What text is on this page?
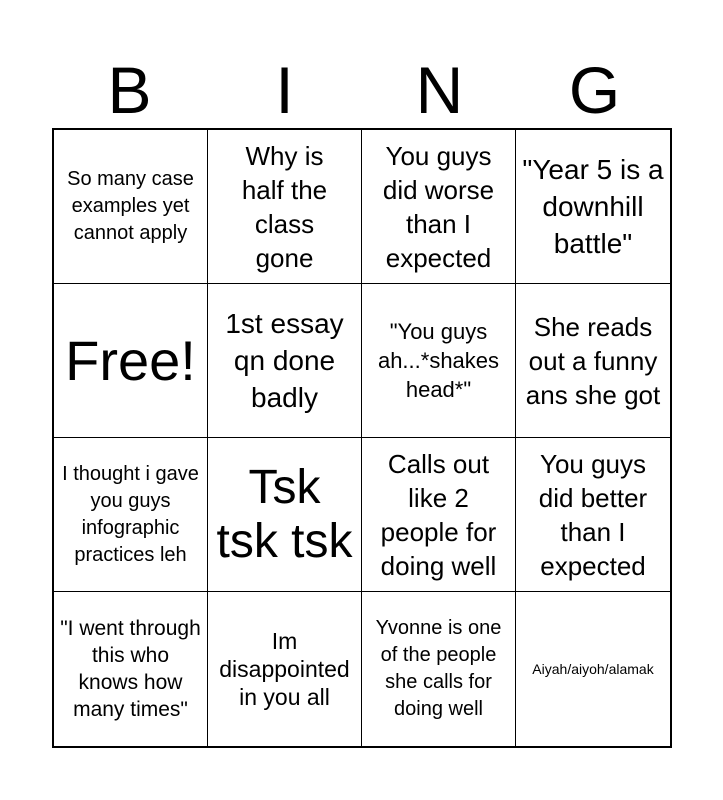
B	I	N	G
So many case examples yet cannot apply
Why is half the class gone
You guys did worse than I expected
"Year 5 is a downhill battle"
Free!
1st essay qn done badly
"You guys ah...*shakes head*"
She reads out a funny ans she got
I thought i gave you guys infographic practices leh
Tsk tsk tsk
Calls out like 2 people for doing well
You guys did better than I expected
"I went through this who knows how many times"
Im disappointed in you all
Yvonne is one of the people she calls for doing well
Aiyah/aiyoh/alamak
